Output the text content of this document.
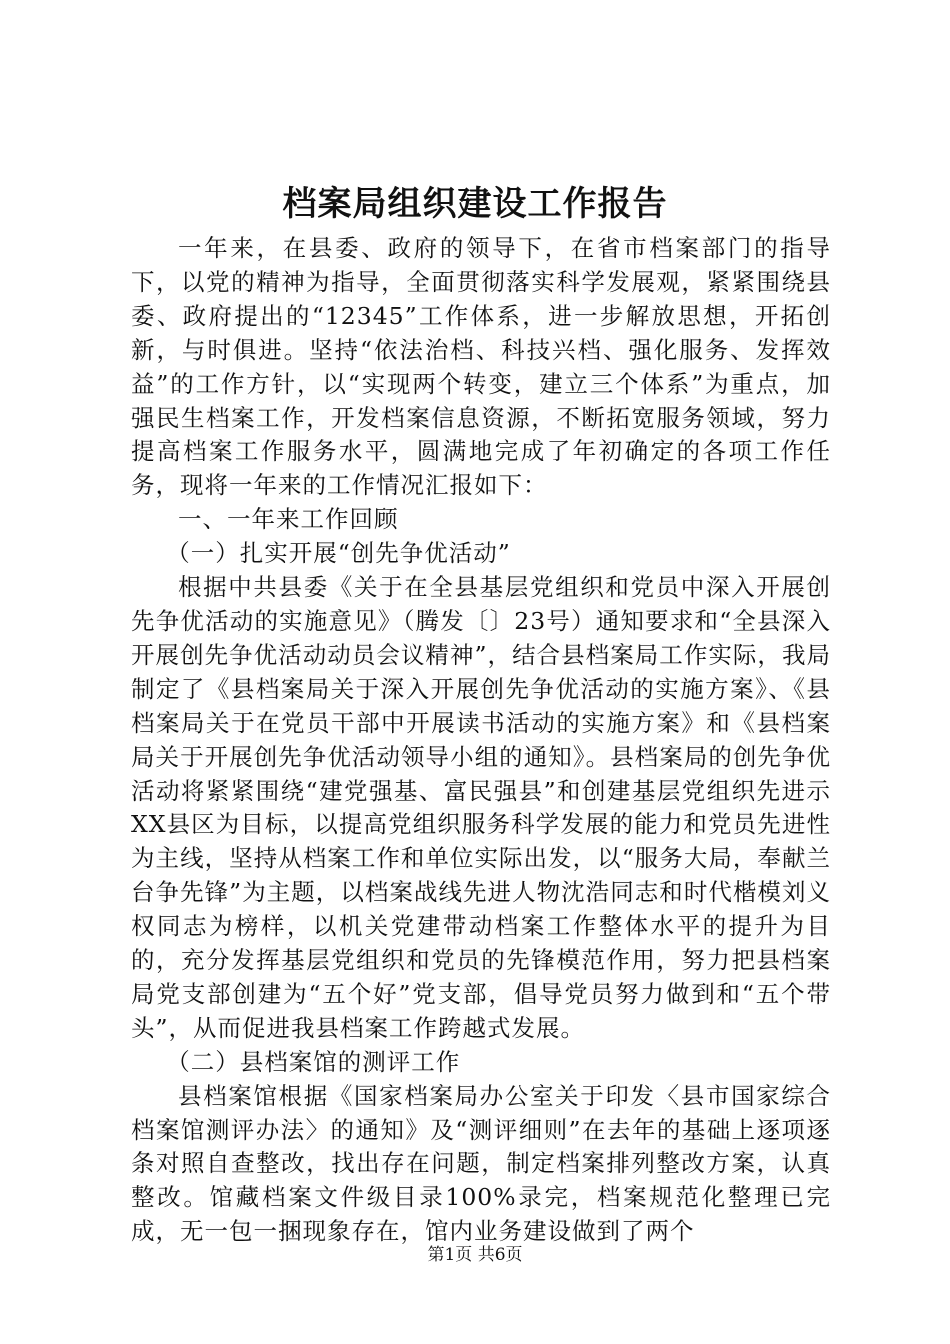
档案局组织建设工作报告

一年来，在县委、政府的领导下，在省市档案部门的指导下，以党的精神为指导，全面贯彻落实科学发展观，紧紧围绕县委、政府提出的“12345”工作体系，进一步解放思想，开拓创新，与时俱进。坚持“依法治档、科技兴档、强化服务、发挥效益”的工作方针，以“实现两个转变，建立三个体系”为重点，加强民生档案工作，开发档案信息资源，不断拓宽服务领域，努力提高档案工作服务水平，圆满地完成了年初确定的各项工作任务，现将一年来的工作情况汇报如下：

一、一年来工作回顾

（一）扎实开展“创先争优活动”

根据中共县委《关于在全县基层党组织和党员中深入开展创先争优活动的实施意见》（腾发〔〕23号）通知要求和“全县深入开展创先争优活动动员会议精神”，结合县档案局工作实际，我局制定了《县档案局关于深入开展创先争优活动的实施方案》、《县档案局关于在党员干部中开展读书活动的实施方案》和《县档案局关于开展创先争优活动领导小组的通知》。县档案局的创先争优活动将紧紧围绕“建党强基、富民强县”和创建基层党组织先进示XX县区为目标，以提高党组织服务科学发展的能力和党员先进性为主线，坚持从档案工作和单位实际出发，以“服务大局，奉献兰台争先锋”为主题，以档案战线先进人物沈浩同志和时代楷模刘义权同志为榜样，以机关党建带动档案工作整体水平的提升为目的，充分发挥基层党组织和党员的先锋模范作用，努力把县档案局党支部创建为“五个好”党支部，倡导党员努力做到和“五个带头”，从而促进我县档案工作跨越式发展。

（二）县档案馆的测评工作

县档案馆根据《国家档案局办公室关于印发〈县市国家综合档案馆测评办法〉的通知》及“测评细则”在去年的基础上逐项逐条对照自查整改，找出存在问题，制定档案排列整改方案，认真整改。馆藏档案文件级目录100%录完，档案规范化整理已完成，无一包一捆现象存在，馆内业务建设做到了两个

第1页 共6页
